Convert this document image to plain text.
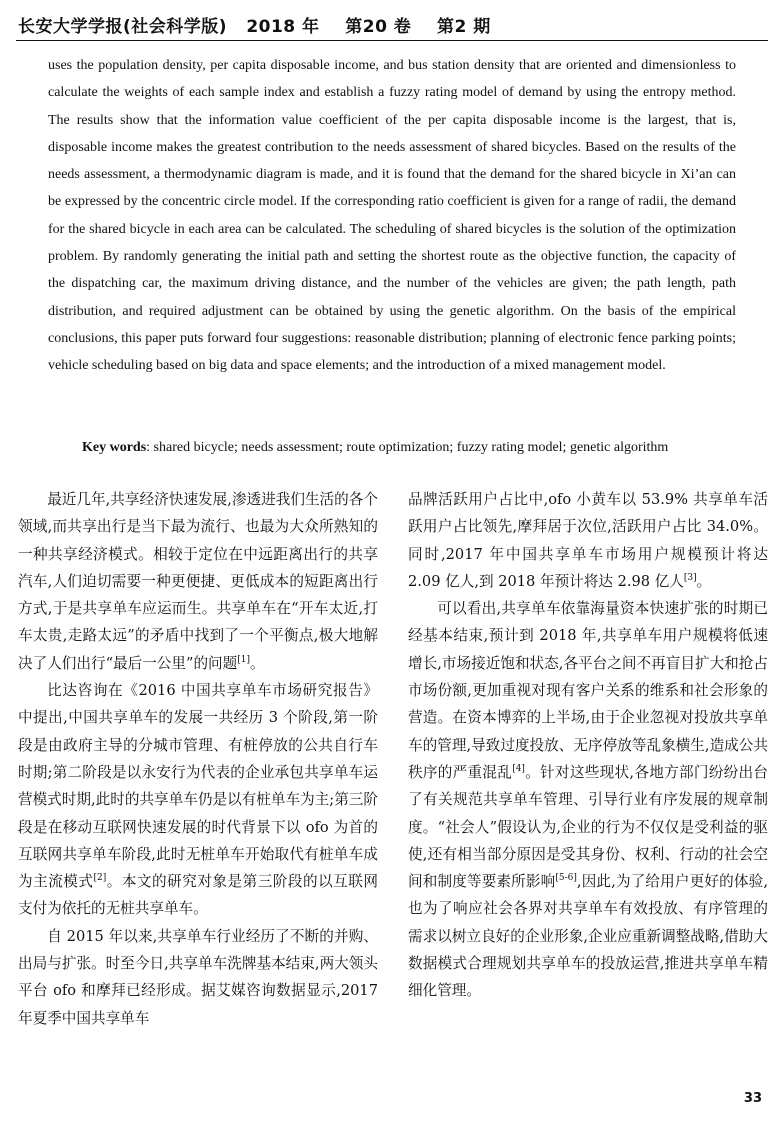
长安大学学报(社会科学版) 2018 年 第20 卷 第2 期

uses the population density, per capita disposable income, and bus station density that are oriented and dimensionless to calculate the weights of each sample index and establish a fuzzy rating model of demand by using the entropy method. The results show that the information value coefficient of the per capita disposable income is the largest, that is, disposable income makes the greatest contribution to the needs assessment of shared bicycles. Based on the results of the needs assessment, a thermodynamic diagram is made, and it is found that the demand for the shared bicycle in Xi’an can be expressed by the concentric circle model. If the corresponding ratio coefficient is given for a range of radii, the demand for the shared bicycle in each area can be calculated. The scheduling of shared bicycles is the solution of the optimization problem. By randomly generating the initial path and setting the shortest route as the objective function, the capacity of the dispatching car, the maximum driving distance, and the number of the vehicles are given; the path length, path distribution, and required adjustment can be obtained by using the genetic algorithm. On the basis of the empirical conclusions, this paper puts forward four suggestions: reasonable distribution; planning of electronic fence parking points; vehicle scheduling based on big data and space elements; and the introduction of a mixed management model.

Key words: shared bicycle; needs assessment; route optimization; fuzzy rating model; genetic algorithm

最近几年,共享经济快速发展,渗透进我们生活的各个领域,而共享出行是当下最为流行、也最为大众所熟知的一种共享经济模式。相较于定位在中远距离出行的共享汽车,人们迫切需要一种更便捷、更低成本的短距离出行方式,于是共享单车应运而生。共享单车在“开车太近,打车太贵,走路太远”的矛盾中找到了一个平衡点,极大地解决了人们出行“最后一公里”的问题[1]。

比达咨询在《2016 中国共享单车市场研究报告》中提出,中国共享单车的发展一共经历 3 个阶段,第一阶段是由政府主导的分城市管理、有桩停放的公共自行车时期;第二阶段是以永安行为代表的企业承包共享单车运营模式时期,此时的共享单车仍是以有桩单车为主;第三阶段是在移动互联网快速发展的时代背景下以 ofo 为首的互联网共享单车阶段,此时无桩单车开始取代有桩单车成为主流模式[2]。本文的研究对象是第三阶段的以互联网支付为依托的无桩共享单车。

自 2015 年以来,共享单车行业经历了不断的并购、出局与扩张。时至今日,共享单车洗牌基本结束,两大领头平台 ofo 和摩拜已经形成。据艾媒咨询数据显示,2017 年夏季中国共享单车

品牌活跃用户占比中,ofo 小黄车以 53.9% 共享单车活跃用户占比领先,摩拜居于次位,活跃用户占比 34.0%。同时,2017 年中国共享单车市场用户规模预计将达 2.09 亿人,到 2018 年预计将达 2.98 亿人[3]。

可以看出,共享单车依靠海量资本快速扩张的时期已经基本结束,预计到 2018 年,共享单车用户规模将低速增长,市场接近饱和状态,各平台之间不再盲目扩大和抢占市场份额,更加重视对现有客户关系的维系和社会形象的营造。在资本博弈的上半场,由于企业忽视对投放共享单车的管理,导致过度投放、无序停放等乱象横生,造成公共秩序的严重混乱[4]。针对这些现状,各地方部门纷纷出台了有关规范共享单车管理、引导行业有序发展的规章制度。“社会人”假设认为,企业的行为不仅仅是受利益的驱使,还有相当部分原因是受其身份、权利、行动的社会空间和制度等要素所影响[5-6],因此,为了给用户更好的体验,也为了响应社会各界对共享单车有效投放、有序管理的需求以树立良好的企业形象,企业应重新调整战略,借助大数据模式合理规划共享单车的投放运营,推进共享单车精细化管理。

33
